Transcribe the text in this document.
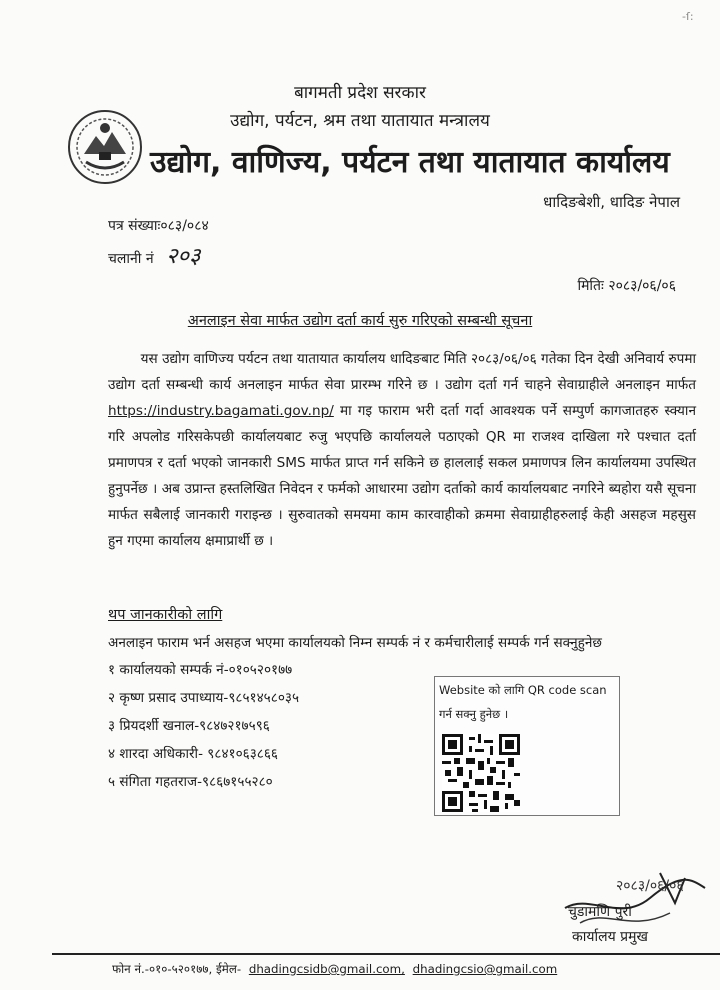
-ſ:
बागमती प्रदेश सरकार
उद्योग, पर्यटन, श्रम तथा यातायात मन्त्रालय
उद्योग, वाणिज्य, पर्यटन तथा यातायात कार्यालय
धादिङबेशी, धादिङ नेपाल
पत्र संख्याः०८३/०८४
चलानी नं २०३
मितिः २०८३/०६/०६
अनलाइन सेवा मार्फत उद्योग दर्ता कार्य सुरु गरिएको सम्बन्धी सूचना
यस उद्योग वाणिज्य पर्यटन तथा यातायात कार्यालय धादिङबाट मिति २०८३/०६/०६ गतेका दिन देखी अनिवार्य रुपमा उद्योग दर्ता सम्बन्धी कार्य अनलाइन मार्फत सेवा प्रारम्भ गरिने छ । उद्योग दर्ता गर्न चाहने सेवाग्राहीले अनलाइन मार्फत https://industry.bagamati.gov.np/ मा गइ फाराम भरी दर्ता गर्दा आवश्यक पर्ने सम्पुर्ण कागजातहरु स्क्यान गरि अपलोड गरिसकेपछी कार्यालयबाट रुजु भएपछि कार्यालयले पठाएको QR मा राजश्व दाखिला गरे पश्चात दर्ता प्रमाणपत्र र दर्ता भएको जानकारी SMS मार्फत प्राप्त गर्न सकिने छ हाललाई सकल प्रमाणपत्र लिन कार्यालयमा उपस्थित हुनुपर्नेछ । अब उप्रान्त हस्तलिखित निवेदन र फर्मको आधारमा उद्योग दर्ताको कार्य कार्यालयबाट नगरिने ब्यहोरा यसै सूचना मार्फत सबैलाई जानकारी गराइन्छ । सुरुवातको समयमा काम कारवाहीको क्रममा सेवाग्राहीहरुलाई केही असहज महसुस हुन गएमा कार्यालय क्षमाप्रार्थी छ ।
थप जानकारीको लागि
अनलाइन फाराम भर्न असहज भएमा कार्यालयको निम्न सम्पर्क नं र कर्मचारीलाई सम्पर्क गर्न सक्नुहुनेछ
१ कार्यालयको सम्पर्क नं-०१०५२०१७७
२ कृष्ण प्रसाद उपाध्याय-९८५१४५८०३५
३ प्रियदर्शी खनाल-९८४७२१७५९६
४ शारदा अधिकारी- ९८४१०६३८६६
५ संगिता गहतराज-९८६७१५५२८०
Website को लागि QR code scan
गर्न सक्नु हुनेछ ।
२०८३/०६/०६
चुडामणि पुरी
कार्यालय प्रमुख
फोन नं.-०१०-५२०१७७, ईमेल- dhadingcsidb@gmail.com, dhadingcsio@gmail.com
